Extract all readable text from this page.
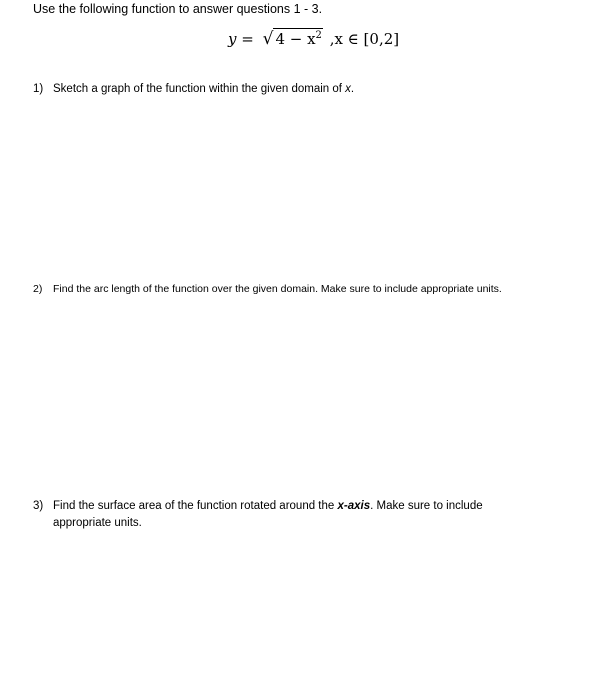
Use the following function to answer questions 1 - 3.

y = √ $4 - x^2$ ,x ∈ [0,2]
1) Sketch a graph of the function within the given domain of x.
2)	Find the arc length of the function over the given domain. Make sure to include appropriate units.
3) Find the surface area of the function rotated around the x-axis. Make sure to include
appropriate units.
